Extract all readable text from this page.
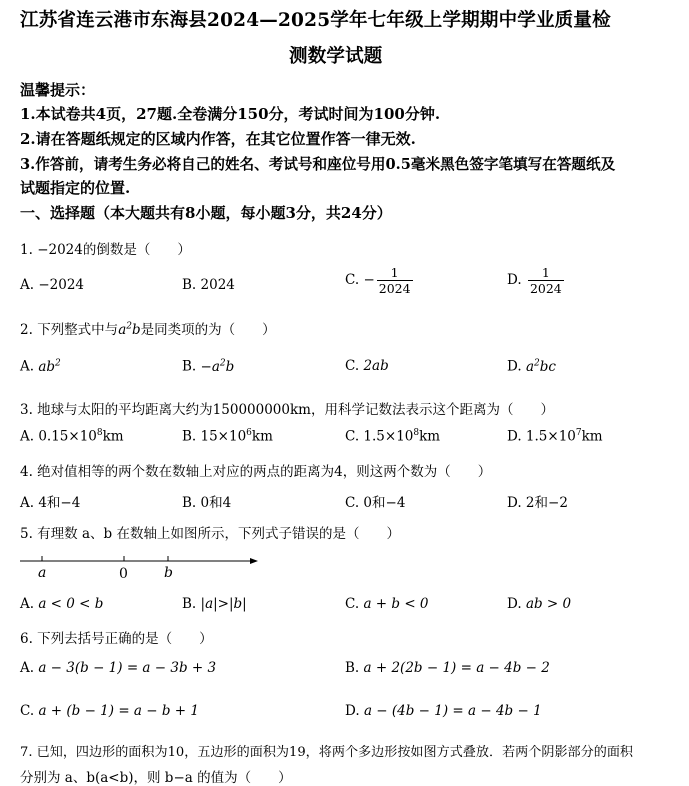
江苏省连云港市东海县2024—2025学年七年级上学期期中学业质量检
测数学试题
温馨提示：
1.本试卷共4页，27题.全卷满分150分，考试时间为100分钟.
2.请在答题纸规定的区域内作答，在其它位置作答一律无效.
3.作答前，请考生务必将自己的姓名、考试号和座位号用0.5毫米黑色签字笔填写在答题纸及
试题指定的位置.
一、选择题（本大题共有8小题，每小题3分，共24分）
1. −2024的倒数是（　　）
A. −2024	B. 2024	C. − $\frac{1}{2024}$	D. $\frac{1}{2024}$
2. 下列整式中与$a^2b$是同类项的为（　　）
A. $ab^2$	B. $-a^2b$	C. 2ab	D. $a^2bc$
3. 地球与太阳的平均距离大约为150000000km，用科学记数法表示这个距离为（　　）
A. $0.15\times 10^8km$	B. $15\times 10^6km$	C. $1.5\times 10^8km$	D. $1.5\times 10^7km$
4. 绝对值相等的两个数在数轴上对应的两点的距离为4，则这两个数为（　　）
A. 4和−4	B. 0和4	C. 0和−4	D. 2和−2
5. 有理数 a、b 在数轴上如图所示，下列式子错误的是（　　）
a	0	b
A. a < 0 < b	B. |a|>|b|	C. a + b < 0	D. ab > 0
6. 下列去括号正确的是（　　）
A. a − 3(b − 1) = a − 3b + 3	B. a + 2(2b − 1) = a − 4b − 2
C. a + (b − 1) = a − b + 1	D. a − (4b − 1) = a − 4b − 1
7. 已知，四边形的面积为10，五边形的面积为19，将两个多边形按如图方式叠放．若两个阴影部分的面积
分别为 a、b(a<b)，则 b−a 的值为（　　）
